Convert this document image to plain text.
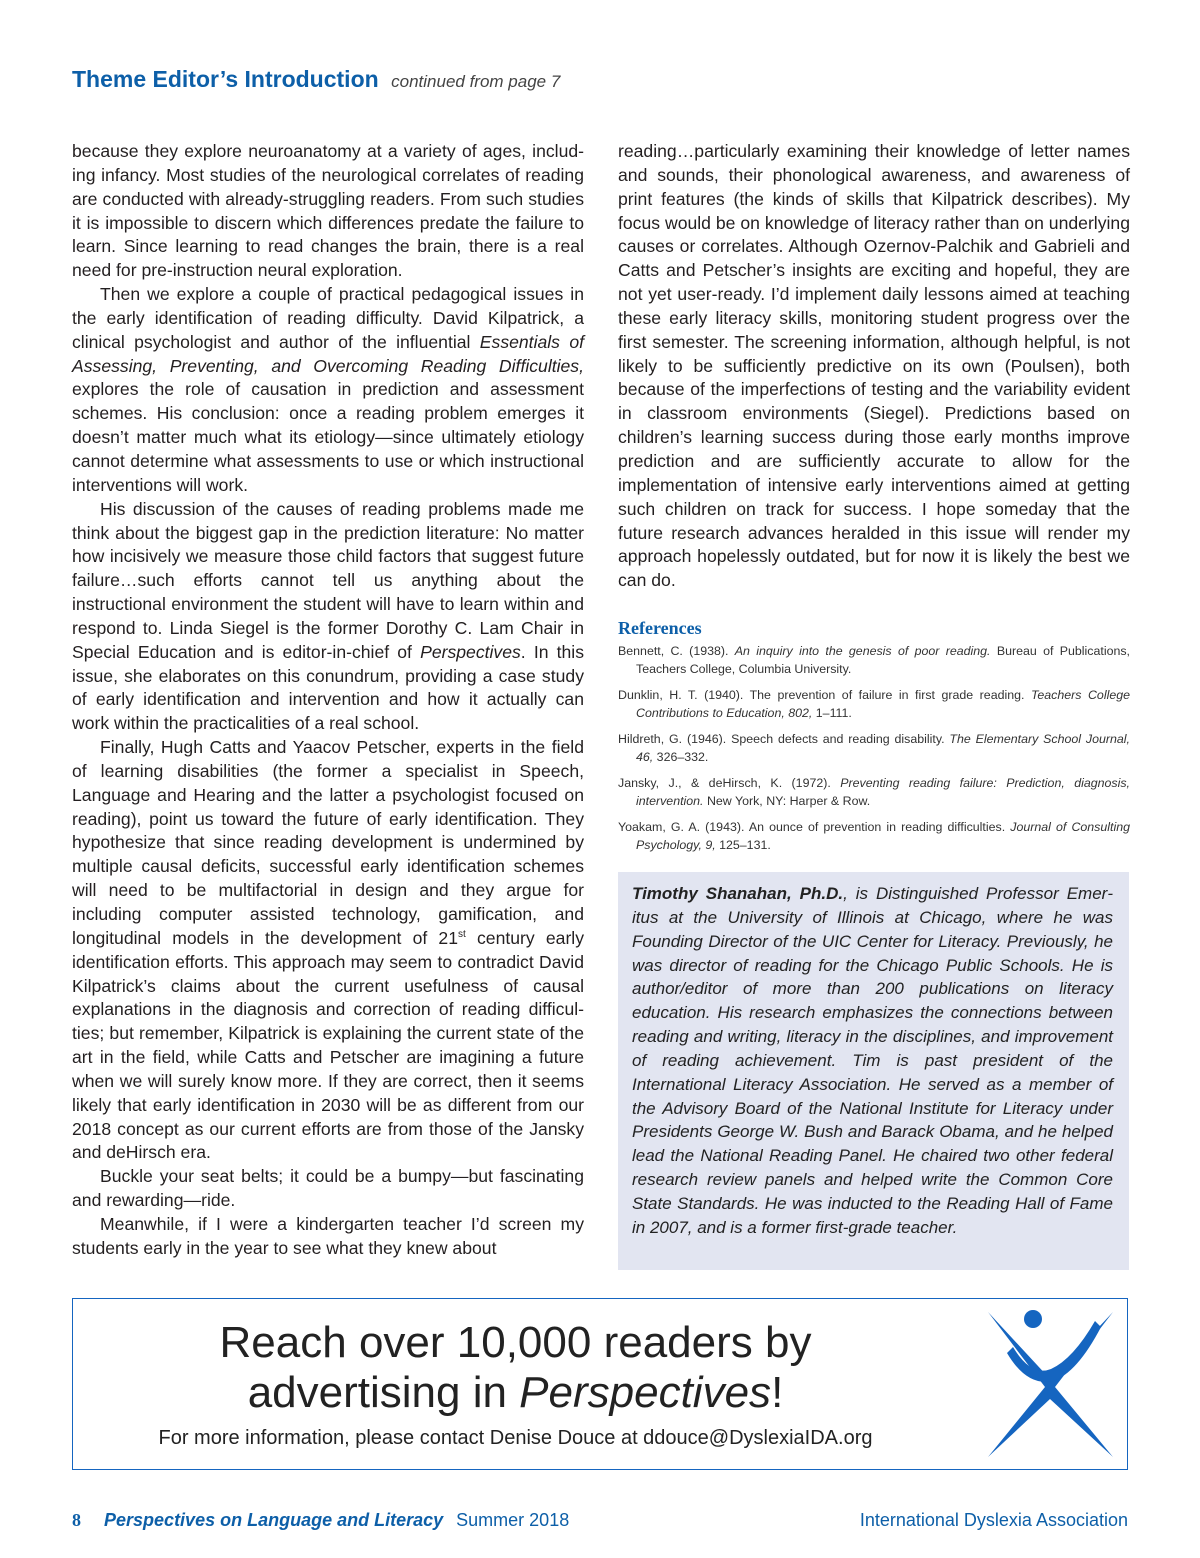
Theme Editor’s Introduction continued from page 7

because they explore neuroanatomy at a variety of ages, including infancy. Most studies of the neurological correlates of reading are conducted with already-struggling readers. From such studies it is impossible to discern which differences predate the failure to learn. Since learning to read changes the brain, there is a real need for pre-instruction neural exploration.

Then we explore a couple of practical pedagogical issues in the early identification of reading difficulty. David Kilpatrick, a clinical psychologist and author of the influential Essentials of Assessing, Preventing, and Overcoming Reading Difficulties, explores the role of causation in prediction and assessment schemes. His conclusion: once a reading problem emerges it doesn’t matter much what its etiology—since ultimately etiology cannot determine what assessments to use or which instructional interventions will work.

His discussion of the causes of reading problems made me think about the biggest gap in the prediction literature: No matter how incisively we measure those child factors that suggest future failure…such efforts cannot tell us anything about the instructional environment the student will have to learn within and respond to. Linda Siegel is the former Dorothy C. Lam Chair in Special Education and is editor-in-chief of Perspectives. In this issue, she elaborates on this conundrum, providing a case study of early identification and intervention and how it actually can work within the practicalities of a real school.

Finally, Hugh Catts and Yaacov Petscher, experts in the field of learning disabilities (the former a specialist in Speech, Language and Hearing and the latter a psychologist focused on reading), point us toward the future of early identification. They hypothesize that since reading development is undermined by multiple causal deficits, successful early identification schemes will need to be multifactorial in design and they argue for including computer assisted technology, gamification, and longitudinal models in the development of 21st century early identification efforts. This approach may seem to contradict David Kilpatrick’s claims about the current usefulness of causal explanations in the diagnosis and correction of reading difficulties; but remember, Kilpatrick is explaining the current state of the art in the field, while Catts and Petscher are imagining a future when we will surely know more. If they are correct, then it seems likely that early identification in 2030 will be as different from our 2018 concept as our current efforts are from those of the Jansky and deHirsch era.

Buckle your seat belts; it could be a bumpy—but fascinating and rewarding—ride.

Meanwhile, if I were a kindergarten teacher I’d screen my students early in the year to see what they knew about

reading…particularly examining their knowledge of letter names and sounds, their phonological awareness, and awareness of print features (the kinds of skills that Kilpatrick describes). My focus would be on knowledge of literacy rather than on underlying causes or correlates. Although Ozernov-Palchik and Gabrieli and Catts and Petscher’s insights are exciting and hopeful, they are not yet user-ready. I’d implement daily lessons aimed at teaching these early literacy skills, monitoring student progress over the first semester. The screening information, although helpful, is not likely to be sufficiently predictive on its own (Poulsen), both because of the imperfections of testing and the variability evident in classroom environments (Siegel). Predictions based on children’s learning success during those early months improve prediction and are sufficiently accurate to allow for the implementation of intensive early interventions aimed at getting such children on track for success. I hope someday that the future research advances heralded in this issue will render my approach hopelessly outdated, but for now it is likely the best we can do.

References

Bennett, C. (1938). An inquiry into the genesis of poor reading. Bureau of Publications, Teachers College, Columbia University.

Dunklin, H. T. (1940). The prevention of failure in first grade reading. Teachers College Contributions to Education, 802, 1–111.

Hildreth, G. (1946). Speech defects and reading disability. The Elementary School Journal, 46, 326–332.

Jansky, J., & deHirsch, K. (1972). Preventing reading failure: Prediction, diagnosis, intervention. New York, NY: Harper & Row.

Yoakam, G. A. (1943). An ounce of prevention in reading difficulties. Journal of Consulting Psychology, 9, 125–131.

Timothy Shanahan, Ph.D., is Distinguished Professor Emeritus at the University of Illinois at Chicago, where he was Founding Director of the UIC Center for Literacy. Previously, he was director of reading for the Chicago Public Schools. He is author/editor of more than 200 publications on literacy education. His research emphasizes the connections between reading and writing, literacy in the disciplines, and improvement of reading achievement. Tim is past president of the International Literacy Association. He served as a member of the Advisory Board of the National Institute for Literacy under Presidents George W. Bush and Barack Obama, and he helped lead the National Reading Panel. He chaired two other federal research review panels and helped write the Common Core State Standards. He was inducted to the Reading Hall of Fame in 2007, and is a former first-grade teacher.

Reach over 10,000 readers by
advertising in Perspectives!
For more information, please contact Denise Douce at ddouce@DyslexiaIDA.org
8 Perspectives on Language and Literacy Summer 2018	International Dyslexia Association
